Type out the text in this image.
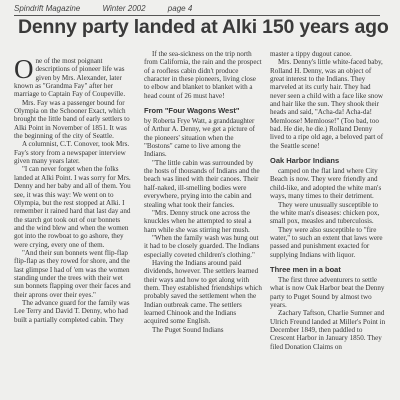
Spindrift Magazine	Winter 2002	page 4
Denny party landed at Alki 150 years ago

One of the most poignant descriptions of pioneer life was given by Mrs. Alexander, later known as "Grandma Fay" after her marriage to Captain Fay of Coupeville.

Mrs. Fay was a passenger bound for Olympia on the Schooner Exact, which brought the little band of early settlers to Alki Point in November of 1851. It was the beginning of the city of Seattle.

A columnist, C.T. Conover, took Mrs. Fay's story from a newspaper interview given many years later.

"I can never forget when the folks landed at Alki Point. I was sorry for Mrs. Denny and her baby and all of them. You see, it was this way: We went on to Olympia, but the rest stopped at Alki. I remember it rained hard that last day and the starch got took out of our bonnets and the wind blew and when the women got into the rowboat to go ashore, they were crying, every one of them.

"And their sun bonnets went flip-flap flip-flap as they rowed for shore, and the last glimpse I had of 'em was the women standing under the trees with their wet sun bonnets flapping over their faces and their aprons over their eyes."

The advance guard for the family was Lee Terry and David T. Denny, who had built a partially completed cabin. They

If the sea-sickness on the trip north from California, the rain and the prospect of a roofless cabin didn't produce character in these pioneers, living close to elbow and blanket to blanket with a head count of 26 must have!

From "Four Wagons West"

by Roberta Frye Watt, a granddaughter of Arthur A. Denny, we get a picture of the pioneers' situation when the "Bostons" came to live among the Indians.

"The little cabin was surrounded by the hosts of thousands of Indians and the beach was lined with their canoes. Their half-naked, ill-smelling bodies were everywhere, prying into the cabin and stealing what took their fancies.

"Mrs. Denny struck one across the knuckles when he attempted to steal a ham while she was stirring her mush.

"When the family wash was hung out it had to be closely guarded. The Indians especially coveted children's clothing."

Having the Indians around paid dividends, however. The settlers learned their ways and how to get along with them. They established friendships which probably saved the settlement when the Indian outbreak came. The settlers learned Chinook and the Indians acquired some English.

The Puget Sound Indians

master a tippy dugout canoe.

Mrs. Denny's little white-faced baby, Rolland H. Denny, was an object of great interest to the Indians. They marveled at its curly hair. They had never seen a child with a face like snow and hair like the sun. They shook their heads and said, "Acha-da! Acha-da! Memloose! Memloose!" (Too bad, too bad. He die, he die.) Rolland Denny lived to a ripe old age, a beloved part of the Seattle scene!

Oak Harbor Indians

camped on the flat land where City Beach is now. They were friendly and child-like, and adopted the white man's ways, many times to their detriment.

They were unusually susceptible to the white man's diseases: chicken pox, small pox, measles and tuberculosis.

They were also susceptible to "fire water," to such an extent that laws were passed and punishment exacted for supplying Indians with liquor.

Three men in a boat

The first three adventurers to settle what is now Oak Harbor beat the Denny party to Puget Sound by almost two years.

Zachary Taftson, Charlie Sumner and Ulrich Freund landed at Miller's Point in December 1849, then paddled to Crescent Harbor in January 1850. They filed Donation Claims on
